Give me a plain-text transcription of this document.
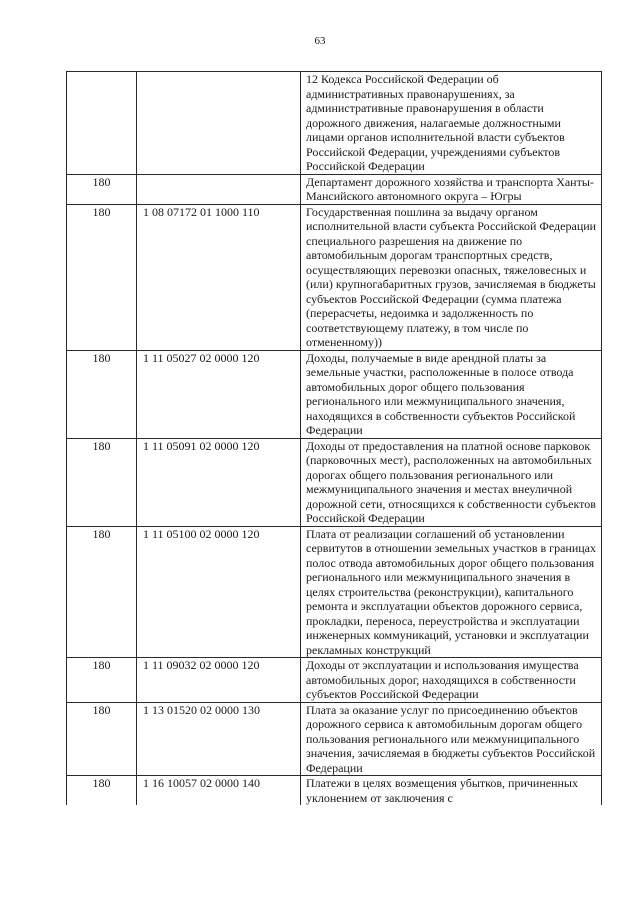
63
		12 Кодекса Российской Федерации об административных правонарушениях, за административные правонарушения в области дорожного движения, налагаемые должностными лицами органов исполнительной власти субъектов Российской Федерации, учреждениями субъектов Российской Федерации
180		Департамент дорожного хозяйства и транспорта Ханты-Мансийского автономного округа – Югры
180	1 08 07172 01 1000 110	Государственная пошлина за выдачу органом исполнительной власти субъекта Российской Федерации специального разрешения на движение по автомобильным дорогам транспортных средств, осуществляющих перевозки опасных, тяжеловесных и (или) крупногабаритных грузов, зачисляемая в бюджеты субъектов Российской Федерации (сумма платежа (перерасчеты, недоимка и задолженность по соответствующему платежу, в том числе по отмененному))
180	1 11 05027 02 0000 120	Доходы, получаемые в виде арендной платы за земельные участки, расположенные в полосе отвода автомобильных дорог общего пользования регионального или межмуниципального значения, находящихся в собственности субъектов Российской Федерации
180	1 11 05091 02 0000 120	Доходы от предоставления на платной основе парковок (парковочных мест), расположенных на автомобильных дорогах общего пользования регионального или межмуниципального значения и местах внеуличной дорожной сети, относящихся к собственности субъектов Российской Федерации
180	1 11 05100 02 0000 120	Плата от реализации соглашений об установлении сервитутов в отношении земельных участков в границах полос отвода автомобильных дорог общего пользования регионального или межмуниципального значения в целях строительства (реконструкции), капитального ремонта и эксплуатации объектов дорожного сервиса, прокладки, переноса, переустройства и эксплуатации инженерных коммуникаций, установки и эксплуатации рекламных конструкций
180	1 11 09032 02 0000 120	Доходы от эксплуатации и использования имущества автомобильных дорог, находящихся в собственности субъектов Российской Федерации
180	1 13 01520 02 0000 130	Плата за оказание услуг по присоединению объектов дорожного сервиса к автомобильным дорогам общего пользования регионального или межмуниципального значения, зачисляемая в бюджеты субъектов Российской Федерации
180	1 16 10057 02 0000 140	Платежи в целях возмещения убытков, причиненных уклонением от заключения с
